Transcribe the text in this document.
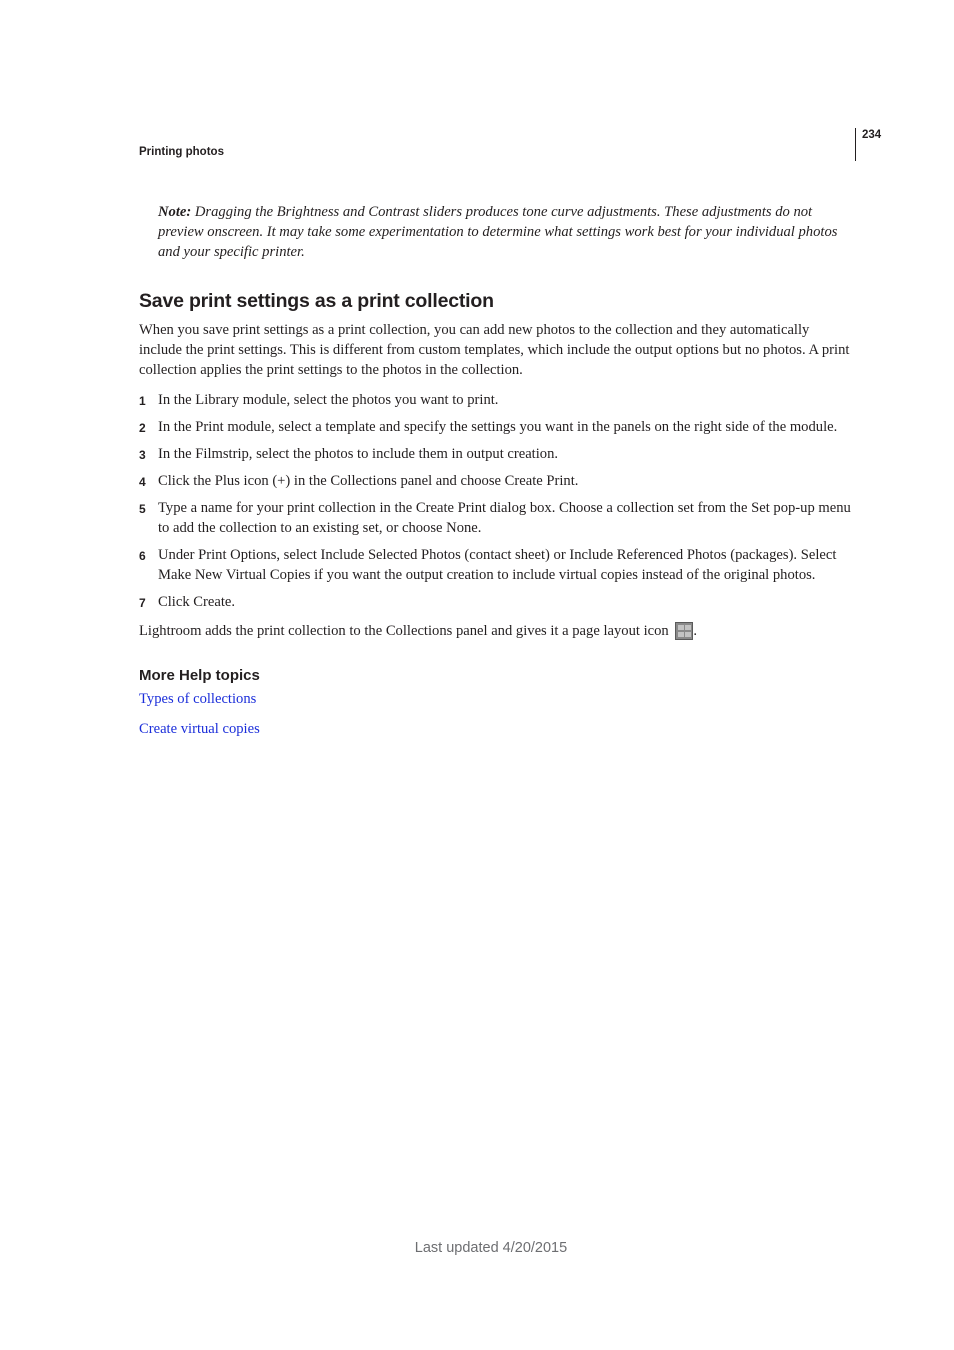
Printing photos
234

Note: Dragging the Brightness and Contrast sliders produces tone curve adjustments. These adjustments do not preview onscreen. It may take some experimentation to determine what settings work best for your individual photos and your specific printer.

Save print settings as a print collection

When you save print settings as a print collection, you can add new photos to the collection and they automatically include the print settings. This is different from custom templates, which include the output options but no photos. A print collection applies the print settings to the photos in the collection.

1 In the Library module, select the photos you want to print.
2 In the Print module, select a template and specify the settings you want in the panels on the right side of the module.
3 In the Filmstrip, select the photos to include them in output creation.
4 Click the Plus icon (+) in the Collections panel and choose Create Print.
5 Type a name for your print collection in the Create Print dialog box. Choose a collection set from the Set pop-up menu to add the collection to an existing set, or choose None.
6 Under Print Options, select Include Selected Photos (contact sheet) or Include Referenced Photos (packages). Select Make New Virtual Copies if you want the output creation to include virtual copies instead of the original photos.
7 Click Create.

Lightroom adds the print collection to the Collections panel and gives it a page layout icon
.

More Help topics
Types of collections
Create virtual copies
Last updated 4/20/2015
